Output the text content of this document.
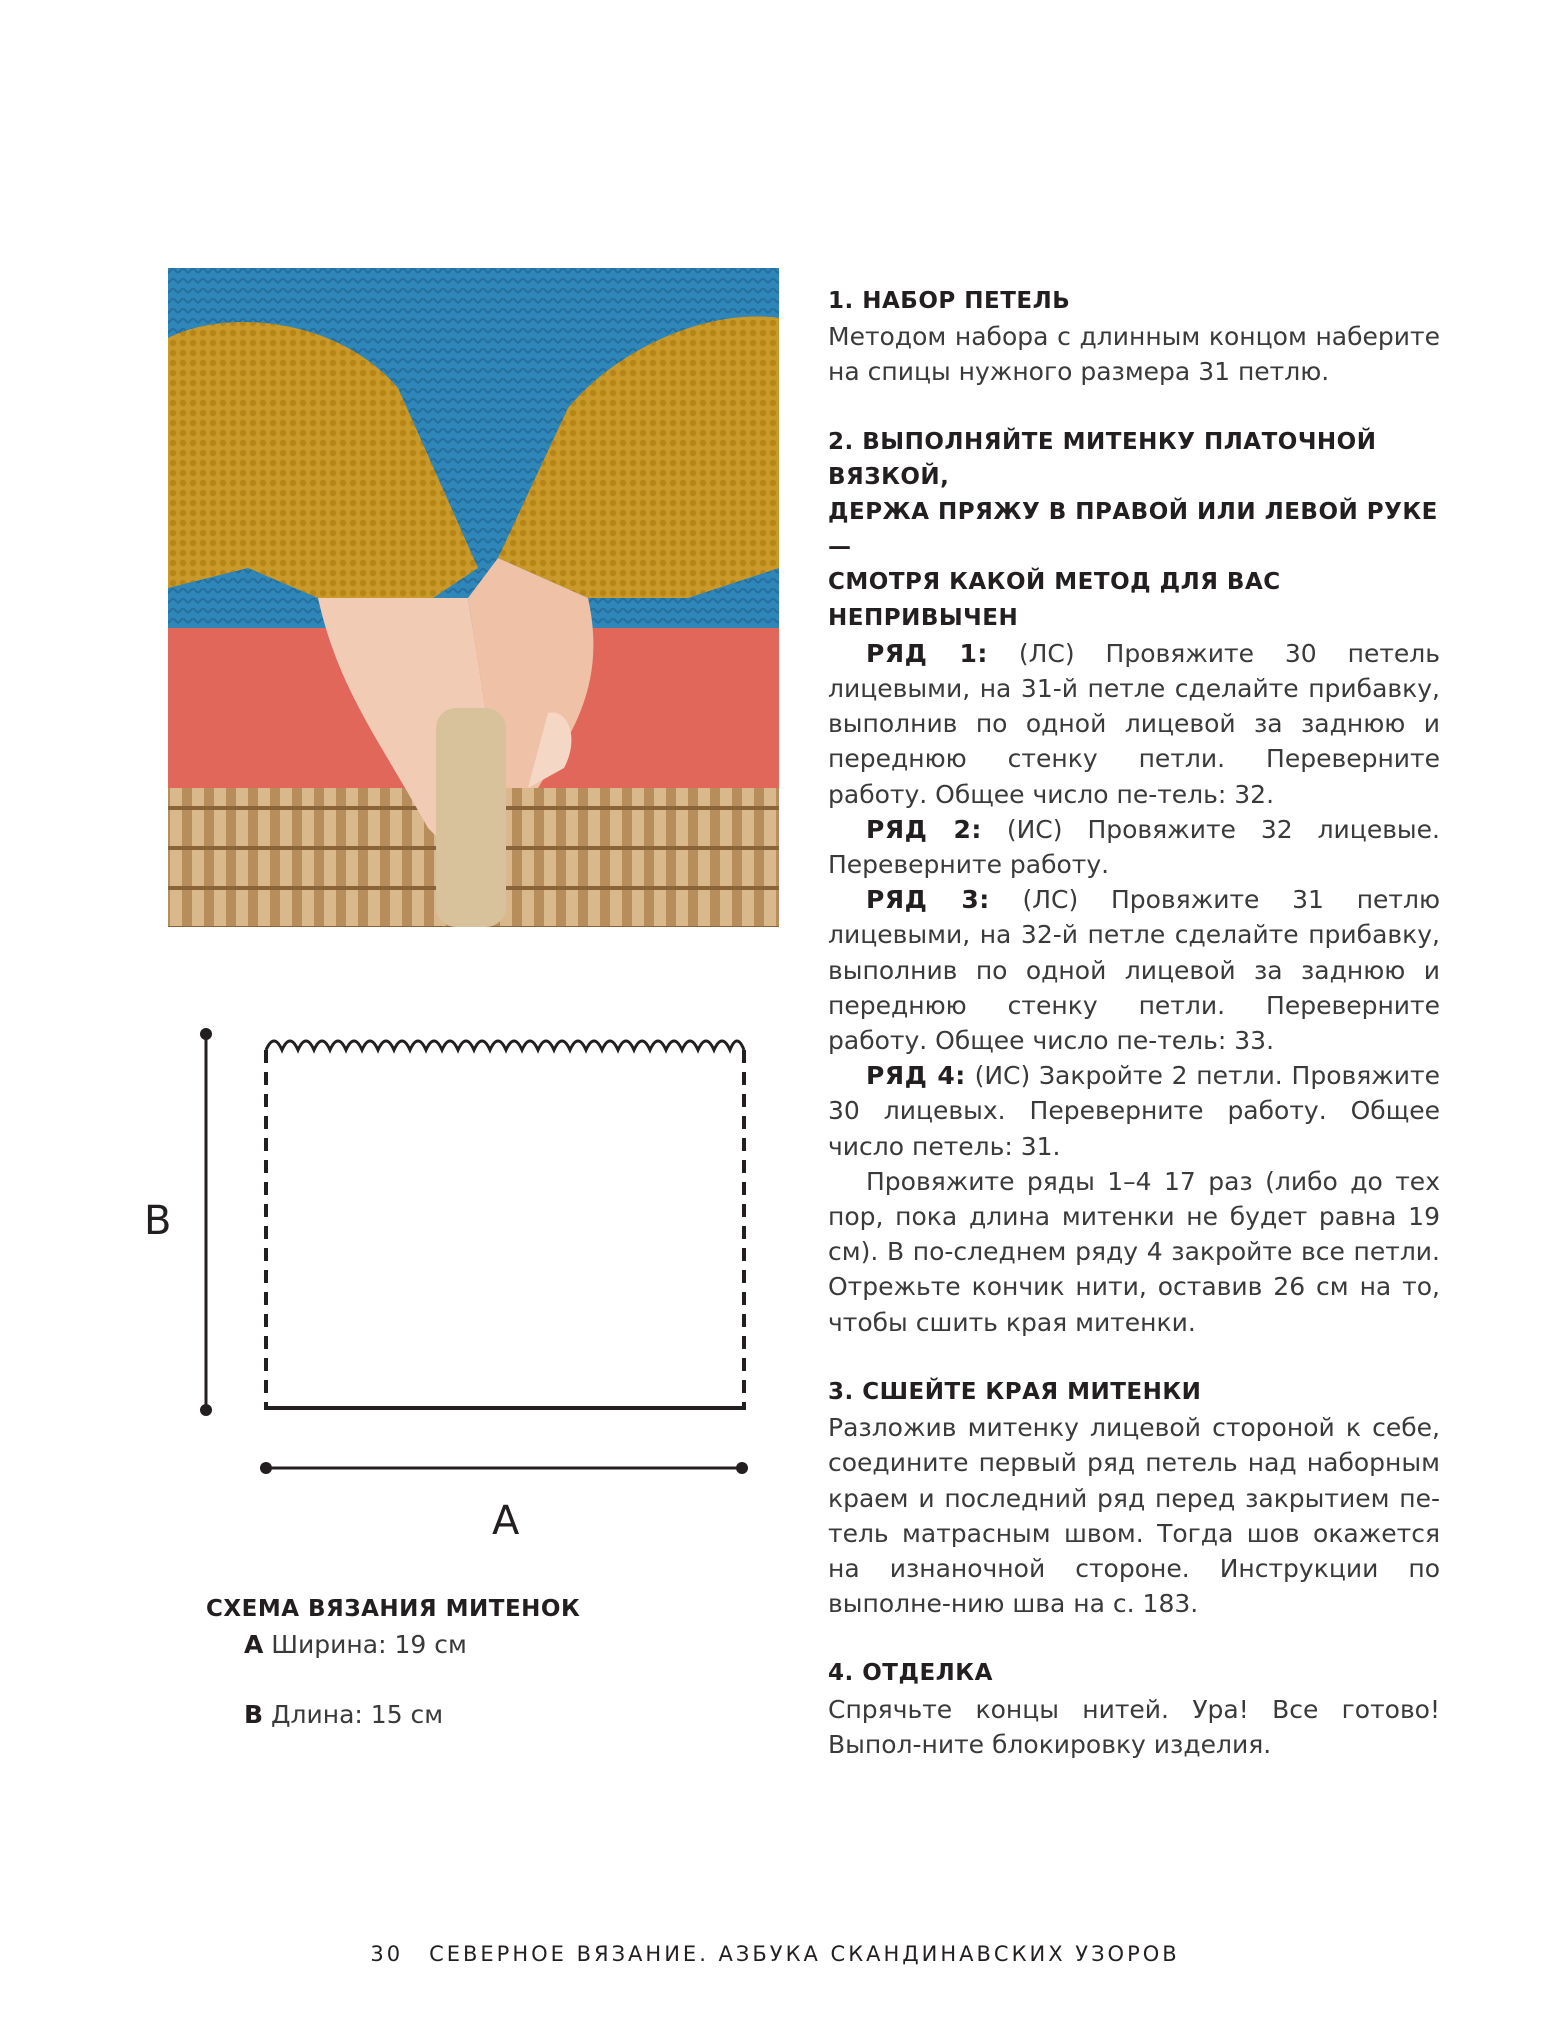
1. НАБОР ПЕТЕЛЬ

Методом набора с длинным концом наберите

на спицы нужного размера 31 петлю.

2. ВЫПОЛНЯЙТЕ МИТЕНКУ ПЛАТОЧНОЙ ВЯЗКОЙ,
ДЕРЖА ПРЯЖУ В ПРАВОЙ ИЛИ ЛЕВОЙ РУКЕ —
СМОТРЯ КАКОЙ МЕТОД ДЛЯ ВАС НЕПРИВЫЧЕН

РЯД 1: (ЛС) Провяжите 30 петель лицевыми, на 31-й петле сделайте прибавку, выполнив по одной лицевой за заднюю и переднюю стенку петли. Переверните работу. Общее число пе-тель: 32.

РЯД 2: (ИС) Провяжите 32 лицевые. Переверните работу.

РЯД 3: (ЛС) Провяжите 31 петлю лицевыми, на 32-й петле сделайте прибавку, выполнив по одной лицевой за заднюю и переднюю стенку петли. Переверните работу. Общее число пе-тель: 33.

РЯД 4: (ИС) Закройте 2 петли. Провяжите 30 лицевых. Переверните работу. Общее число петель: 31.

Провяжите ряды 1–4 17 раз (либо до тех пор, пока длина митенки не будет равна 19 см). В по-следнем ряду 4 закройте все петли. Отрежьте кончик нити, оставив 26 см на то, чтобы сшить края митенки.

3. СШЕЙТЕ КРАЯ МИТЕНКИ

Разложив митенку лицевой стороной к себе, соедините первый ряд петель над наборным краем и последний ряд перед закрытием пе-тель матрасным швом. Тогда шов окажется на изнаночной стороне. Инструкции по выполне-нию шва на с. 183.

4. ОТДЕЛКА

Спрячьте концы нитей. Ура! Все готово! Выпол-ните блокировку изделия.

B
A
СХЕМА ВЯЗАНИЯ МИТЕНОК
A Ширина: 19 см
B Длина: 15 см
30 СЕВЕРНОЕ ВЯЗАНИЕ. АЗБУКА СКАНДИНАВСКИХ УЗОРОВ
